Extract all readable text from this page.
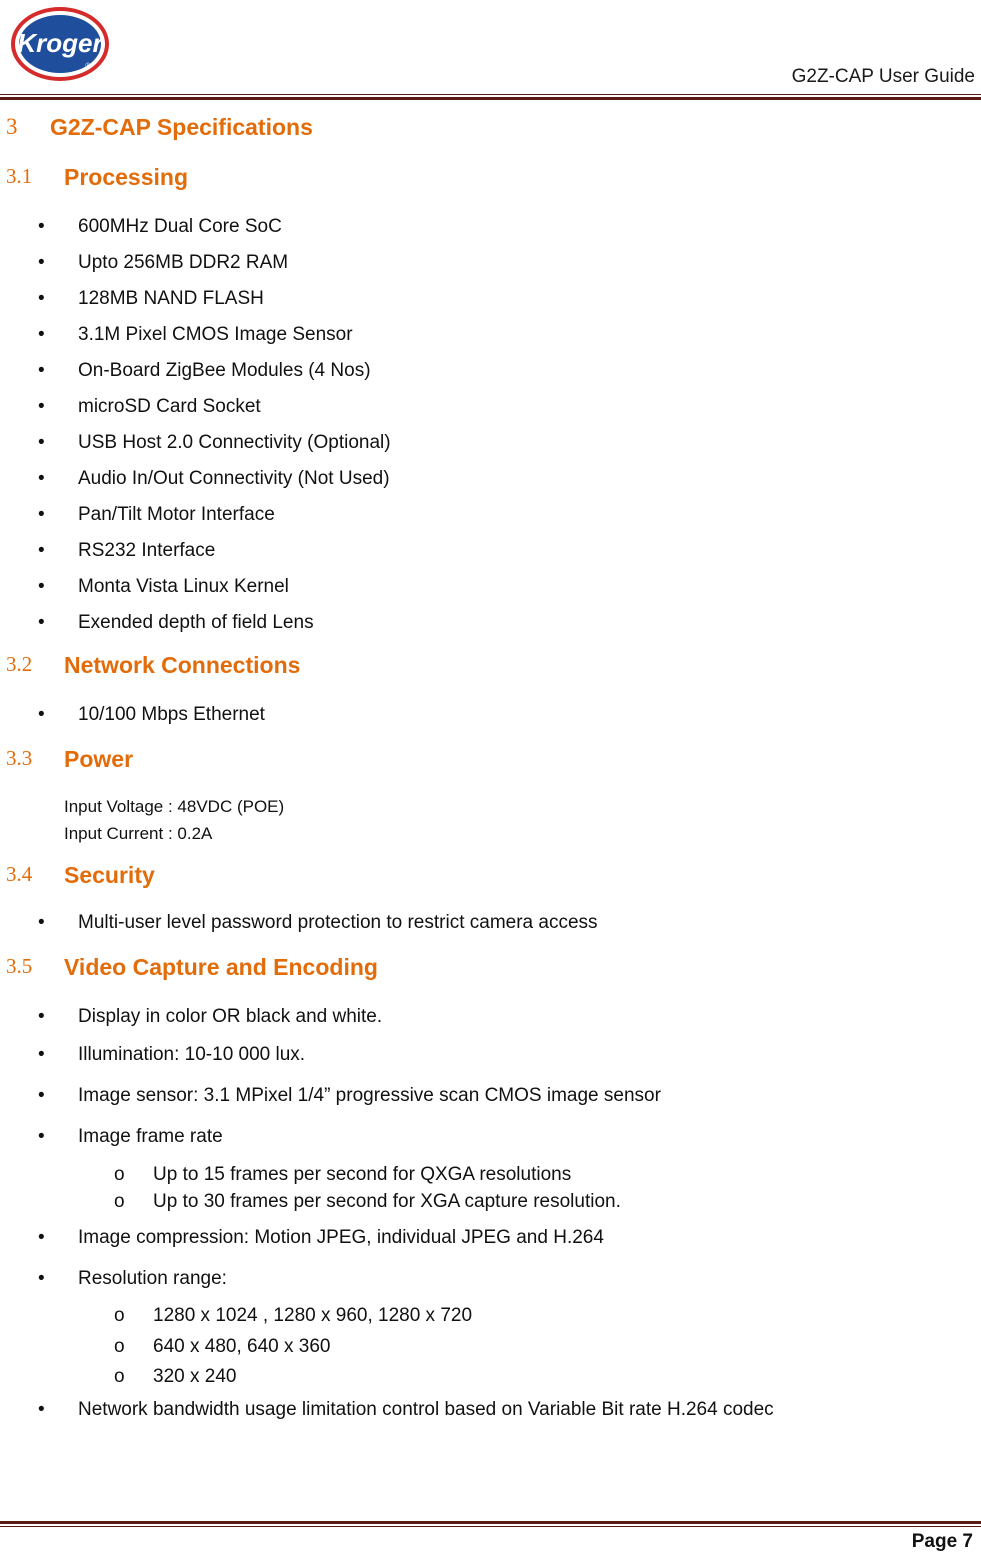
Kroger
®	G2Z-CAP User Guide
3 G2Z-CAP Specifications
3.1 Processing
• 600MHz Dual Core SoC
• Upto 256MB DDR2 RAM
• 128MB NAND FLASH
• 3.1M Pixel CMOS Image Sensor
• On-Board ZigBee Modules (4 Nos)
• microSD Card Socket
• USB Host 2.0 Connectivity (Optional)
• Audio In/Out Connectivity (Not Used)
• Pan/Tilt Motor Interface
• RS232 Interface
• Monta Vista Linux Kernel
• Exended depth of field Lens
3.2 Network Connections
• 10/100 Mbps Ethernet
3.3 Power
Input Voltage : 48VDC (POE)
Input Current : 0.2A
3.4 Security
• Multi-user level password protection to restrict camera access
3.5 Video Capture and Encoding
• Display in color OR black and white.
• Illumination: 10-10 000 lux.
• Image sensor: 3.1 MPixel 1/4” progressive scan CMOS image sensor
• Image frame rate
o Up to 15 frames per second for QXGA resolutions
o Up to 30 frames per second for XGA capture resolution.
• Image compression: Motion JPEG, individual JPEG and H.264
• Resolution range:
o 1280 x 1024 , 1280 x 960, 1280 x 720
o 640 x 480, 640 x 360
o 320 x 240
• Network bandwidth usage limitation control based on Variable Bit rate H.264 codec
Page 7
